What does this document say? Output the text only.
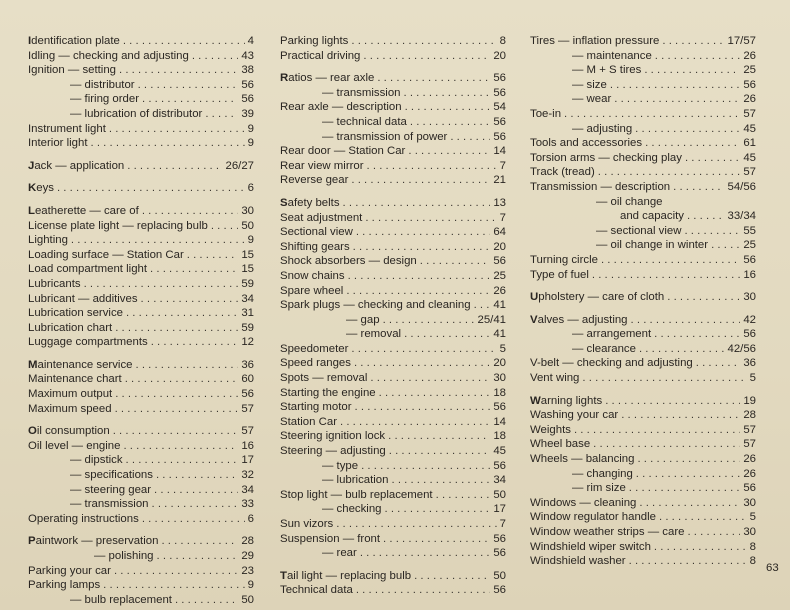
Identification plate . . .	4
Idling — checking and adjusting . . .	43
Ignition — setting . . .	38
— distributor . . .	56
— firing order . . .	56
— lubrication of distributor . . .	39
Instrument light . . .	9
Interior light . . .	9
Jack — application . . .	26/27
Keys . . .	6
Leatherette — care of . . .	30
License plate light — replacing bulb . . .	50
Lighting . . .	9
Loading surface — Station Car . . .	15
Load compartment light . . .	15
Lubricants . . .	59
Lubricant — additives . . .	34
Lubrication service . . .	31
Lubrication chart . . .	59
Luggage compartments . . .	12
Maintenance service . . .	36
Maintenance chart . . .	60
Maximum output . . .	56
Maximum speed . . .	57
Oil consumption . . .	57
Oil level — engine . . .	16
— dipstick . . .	17
— specifications . . .	32
— steering gear . . .	34
— transmission . . .	33
Operating instructions . . .	6
Paintwork — preservation . . .	28
— polishing . . .	29
Parking your car . . .	23
Parking lamps . . .	9
— bulb replacement . . .	50
Parking lights . . .	8
Practical driving . . .	20
Ratios — rear axle . . .	56
— transmission . . .	56
Rear axle — description . . .	54
— technical data . . .	56
— transmission of power . . .	56
Rear door — Station Car . . .	14
Rear view mirror . . .	7
Reverse gear . . .	21
Safety belts . . .	13
Seat adjustment . . .	7
Sectional view . . .	64
Shifting gears . . .	20
Shock absorbers — design . . .	56
Snow chains . . .	25
Spare wheel . . .	26
Spark plugs — checking and cleaning . . . 41
— gap . . .	25/41
— removal . . .	41
Speedometer . . .	5
Speed ranges . . .	20
Spots — removal . . .	30
Starting the engine . . .	18
Starting motor . . .	56
Station Car . . .	14
Steering ignition lock . . .	18
Steering — adjusting . . .	45
— type . . .	56
— lubrication . . .	34
Stop light — bulb replacement . . .	50
— checking . . .	17
Sun vizors . . .	7
Suspension — front . . .	56
— rear . . .	56
Tail light — replacing bulb . . .	50
Technical data . . .	56
Tires — inflation pressure . . .	17/57
— maintenance . . .	26
— M + S tires . . .	25
— size . . .	56
— wear . . .	26
Toe-in . . .	57
— adjusting . . .	45
Tools and accessories . . .	61
Torsion arms — checking play . . .	45
Track (tread) . . .	57
Transmission — description . . .	54/56
— oil change
and capacity . . .	33/34
— sectional view . . .	55
— oil change in winter . . .	25
Turning circle . . .	56
Type of fuel . . .	16
Upholstery — care of cloth . . .	30
Valves — adjusting . . .	42
— arrangement . . .	56
— clearance . . .	42/56
V-belt — checking and adjusting . . .	36
Vent wing . . .	5
Warning lights . . .	19
Washing your car . . .	28
Weights . . .	57
Wheel base . . .	57
Wheels — balancing . . .	26
— changing . . .	26
— rim size . . .	56
Windows — cleaning . . .	30
Window regulator handle . . .	5
Window weather strips — care . . .	30
Windshield wiper switch . . .	8
Windshield washer . . .	8
63
